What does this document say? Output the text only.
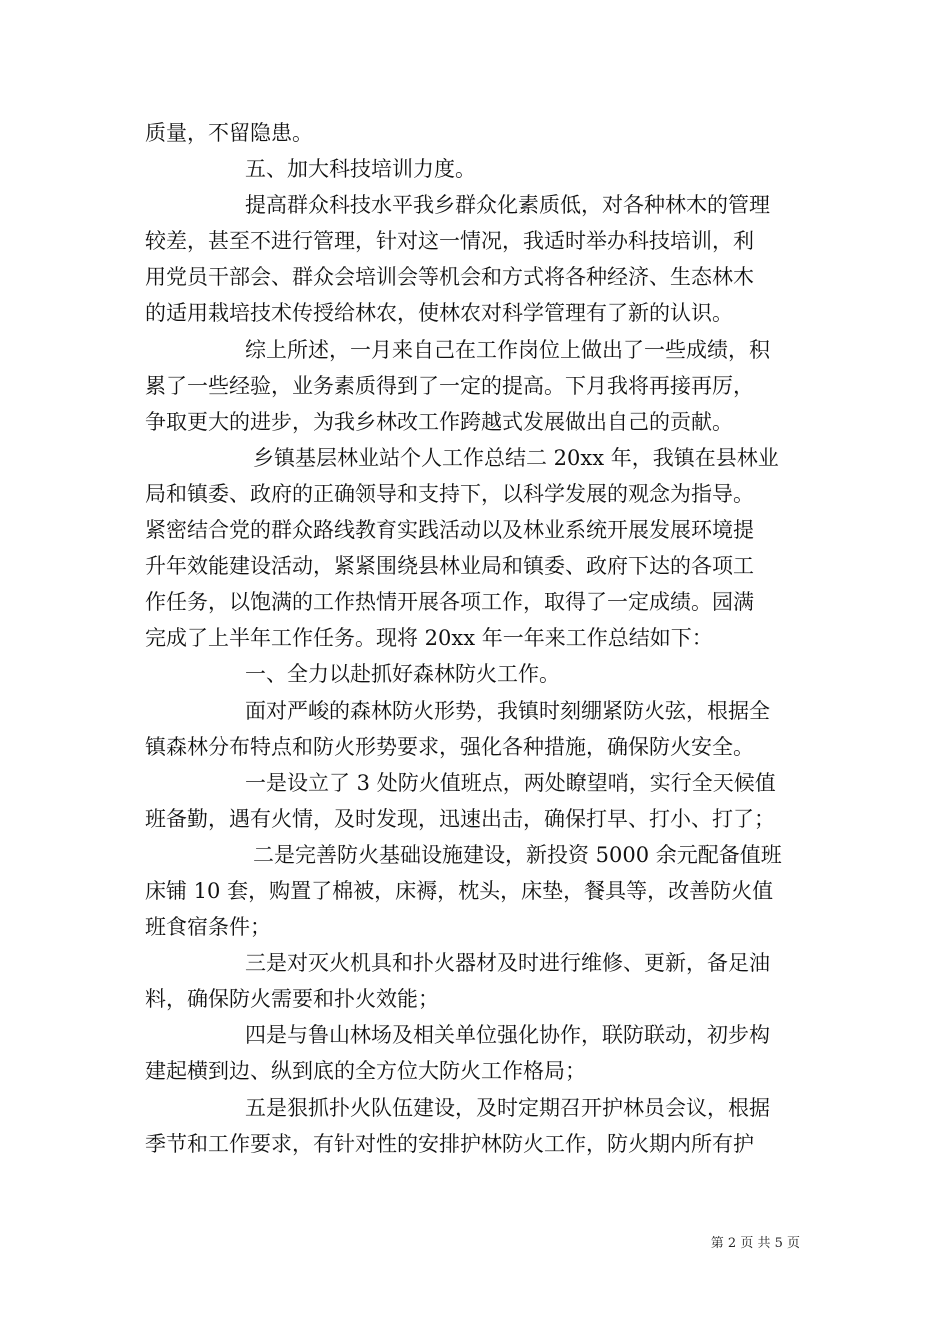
质量，不留隐患。
五、加大科技培训力度。
提高群众科技水平我乡群众化素质低，对各种林木的管理
较差，甚至不进行管理，针对这一情况，我适时举办科技培训，利
用党员干部会、群众会培训会等机会和方式将各种经济、生态林木
的适用栽培技术传授给林农，使林农对科学管理有了新的认识。
综上所述，一月来自己在工作岗位上做出了一些成绩，积
累了一些经验，业务素质得到了一定的提高。下月我将再接再厉，
争取更大的进步，为我乡林改工作跨越式发展做出自己的贡献。
乡镇基层林业站个人工作总结二 20xx 年，我镇在县林业
局和镇委、政府的正确领导和支持下，以科学发展的观念为指导。
紧密结合党的群众路线教育实践活动以及林业系统开展发展环境提
升年效能建设活动，紧紧围绕县林业局和镇委、政府下达的各项工
作任务，以饱满的工作热情开展各项工作，取得了一定成绩。园满
完成了上半年工作任务。现将 20xx 年一年来工作总结如下：
一、全力以赴抓好森林防火工作。
面对严峻的森林防火形势，我镇时刻绷紧防火弦，根据全
镇森林分布特点和防火形势要求，强化各种措施，确保防火安全。
一是设立了 3 处防火值班点，两处瞭望哨，实行全天候值
班备勤，遇有火情，及时发现，迅速出击，确保打早、打小、打了；
二是完善防火基础设施建设，新投资 5000 余元配备值班
床铺 10 套，购置了棉被，床褥，枕头，床垫，餐具等，改善防火值
班食宿条件；
三是对灭火机具和扑火器材及时进行维修、更新，备足油
料，确保防火需要和扑火效能；
四是与鲁山林场及相关单位强化协作，联防联动，初步构
建起横到边、纵到底的全方位大防火工作格局；
五是狠抓扑火队伍建设，及时定期召开护林员会议，根据
季节和工作要求，有针对性的安排护林防火工作，防火期内所有护
第 2 页 共 5 页
